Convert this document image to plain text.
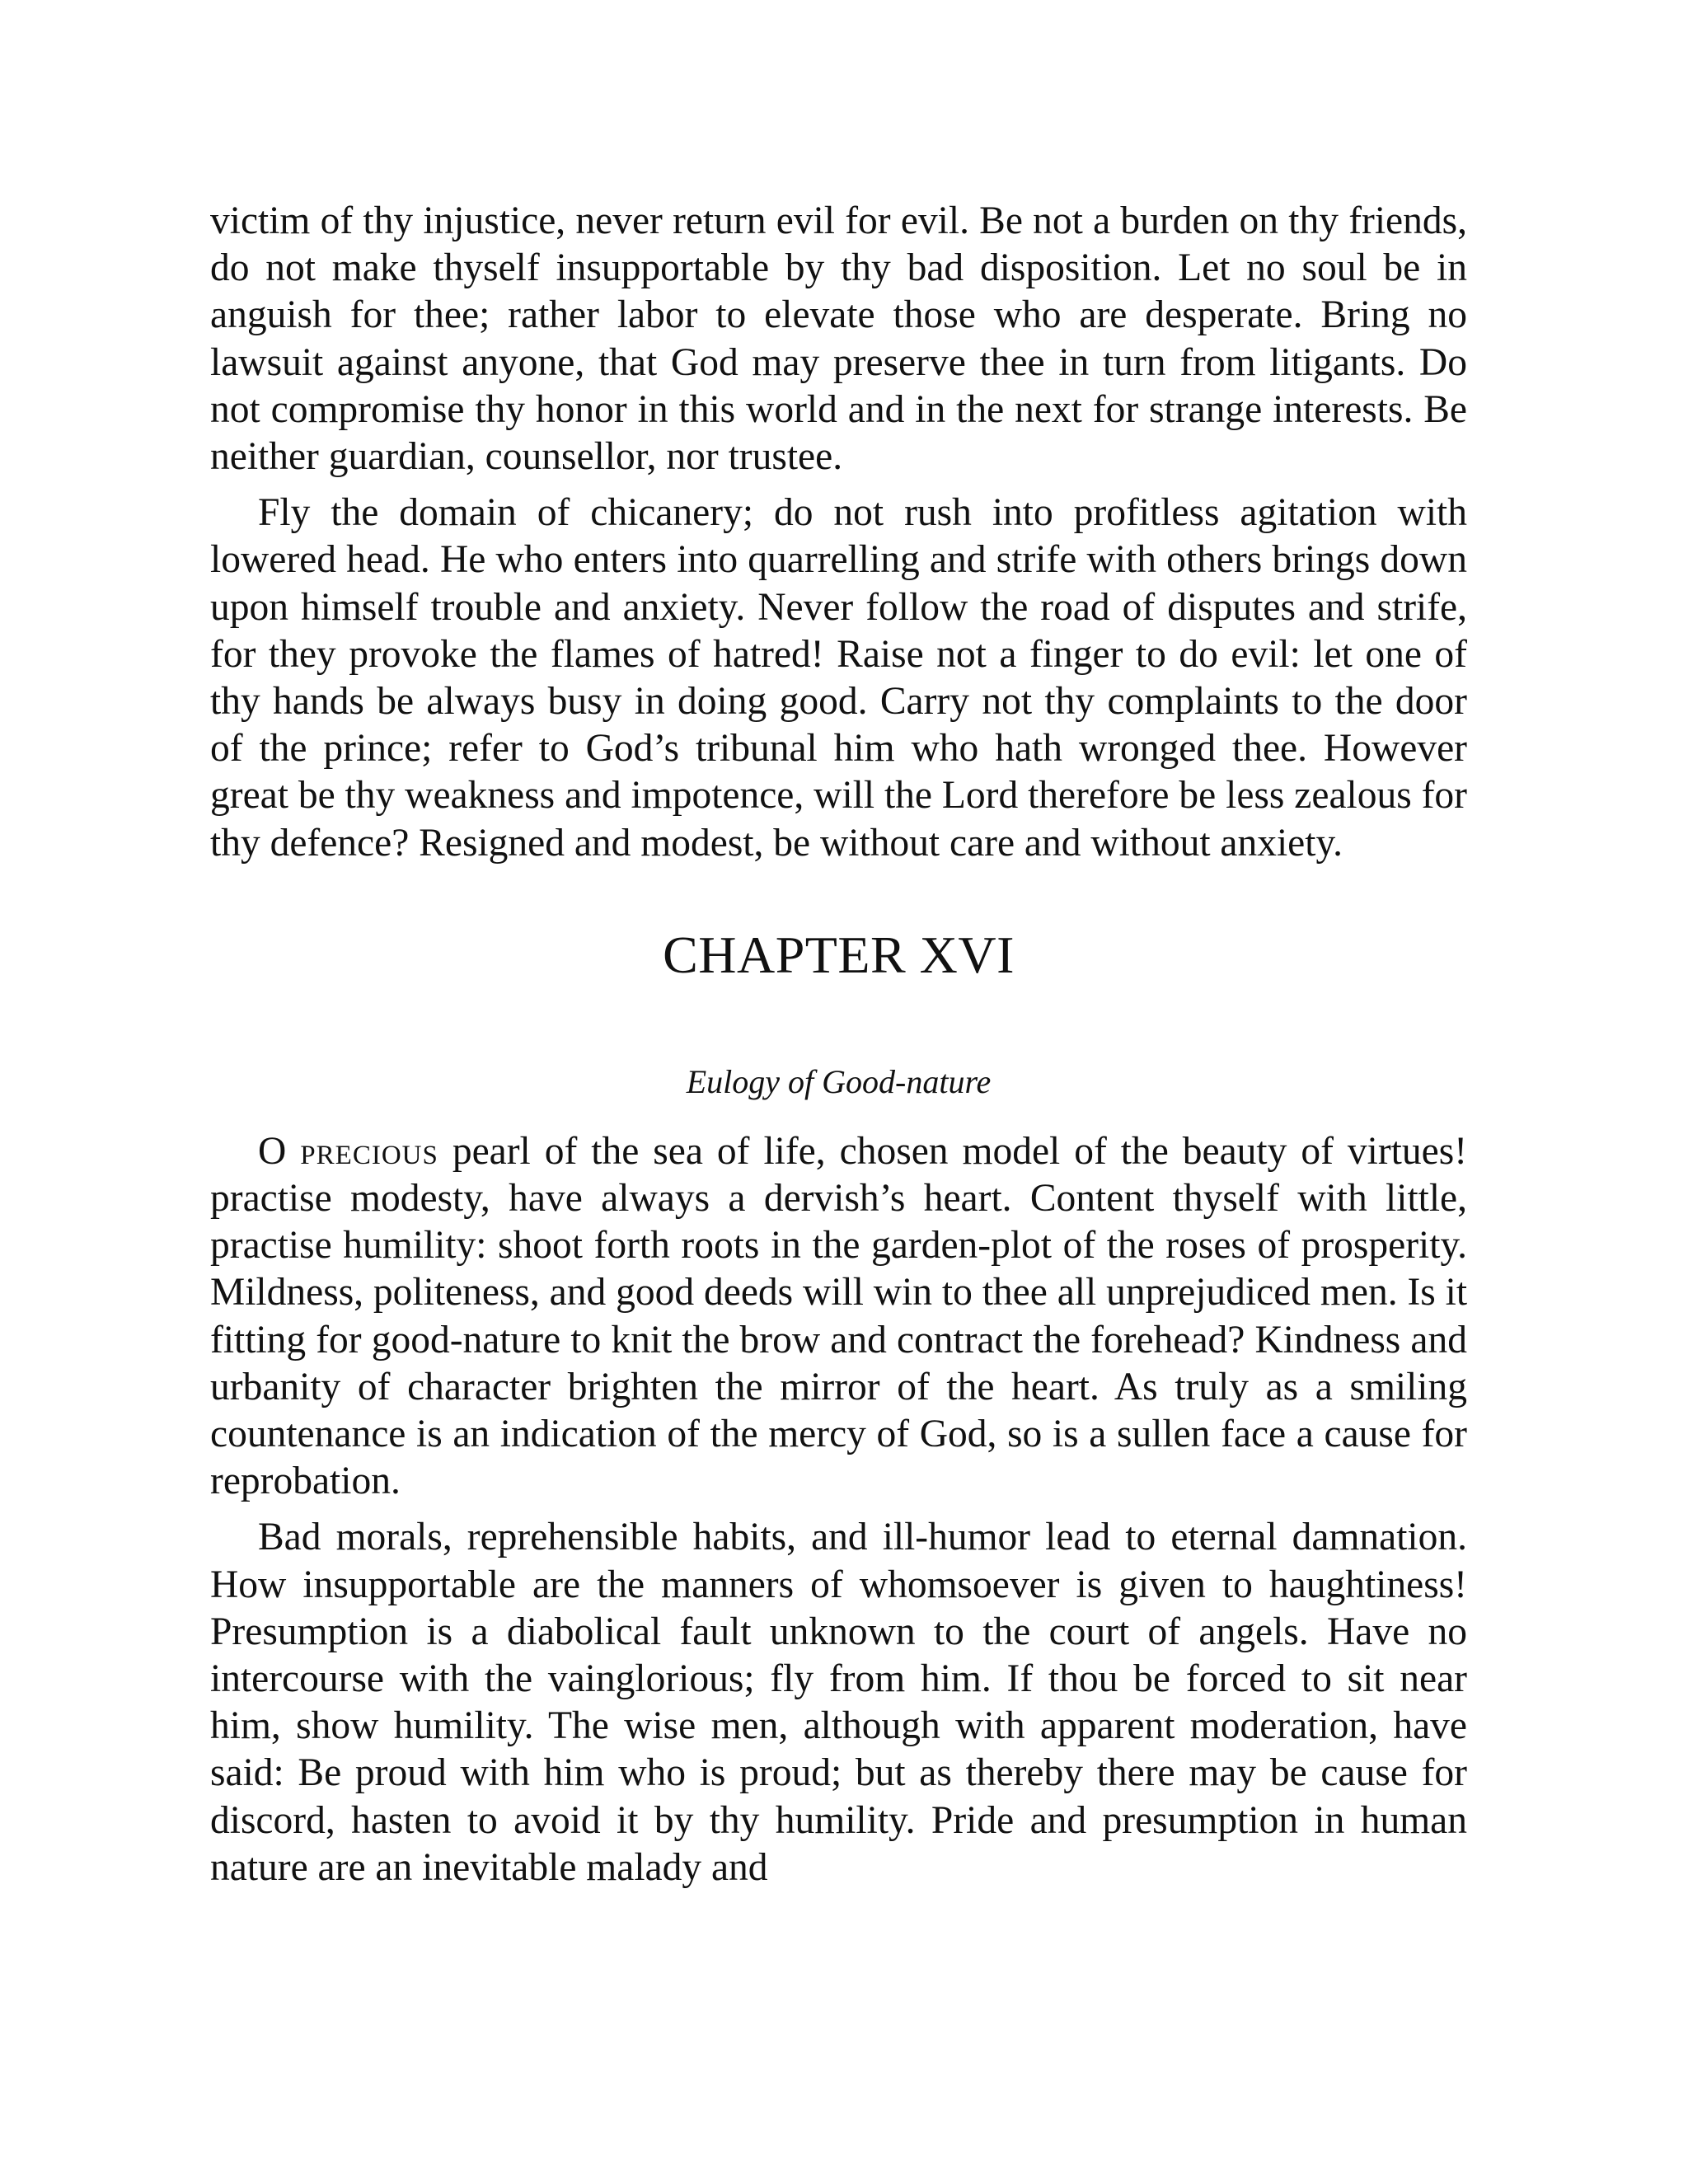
victim of thy injustice, never return evil for evil. Be not a burden on thy friends, do not make thyself insupportable by thy bad disposition. Let no soul be in anguish for thee; rather labor to elevate those who are desperate. Bring no lawsuit against anyone, that God may preserve thee in turn from litigants. Do not compromise thy honor in this world and in the next for strange interests. Be neither guardian, counsellor, nor trustee.

Fly the domain of chicanery; do not rush into profitless agitation with lowered head. He who enters into quarrelling and strife with others brings down upon himself trouble and anxiety. Never follow the road of disputes and strife, for they provoke the flames of hatred! Raise not a finger to do evil: let one of thy hands be always busy in doing good. Carry not thy complaints to the door of the prince; refer to God’s tribunal him who hath wronged thee. However great be thy weakness and impotence, will the Lord therefore be less zealous for thy defence? Resigned and modest, be without care and without anxiety.

CHAPTER XVI
Eulogy of Good-nature

O precious pearl of the sea of life, chosen model of the beauty of virtues! practise modesty, have always a dervish’s heart. Content thyself with little, practise humility: shoot forth roots in the garden-plot of the roses of prosperity. Mildness, politeness, and good deeds will win to thee all unprejudiced men. Is it fitting for good-nature to knit the brow and contract the forehead? Kindness and urbanity of character brighten the mirror of the heart. As truly as a smiling countenance is an indication of the mercy of God, so is a sullen face a cause for reprobation.

Bad morals, reprehensible habits, and ill-humor lead to eternal damnation. How insupportable are the manners of whomsoever is given to haughtiness! Presumption is a diabolical fault unknown to the court of angels. Have no intercourse with the vainglorious; fly from him. If thou be forced to sit near him, show humility. The wise men, although with apparent moderation, have said: Be proud with him who is proud; but as thereby there may be cause for discord, hasten to avoid it by thy humility. Pride and presumption in human nature are an inevitable malady and
